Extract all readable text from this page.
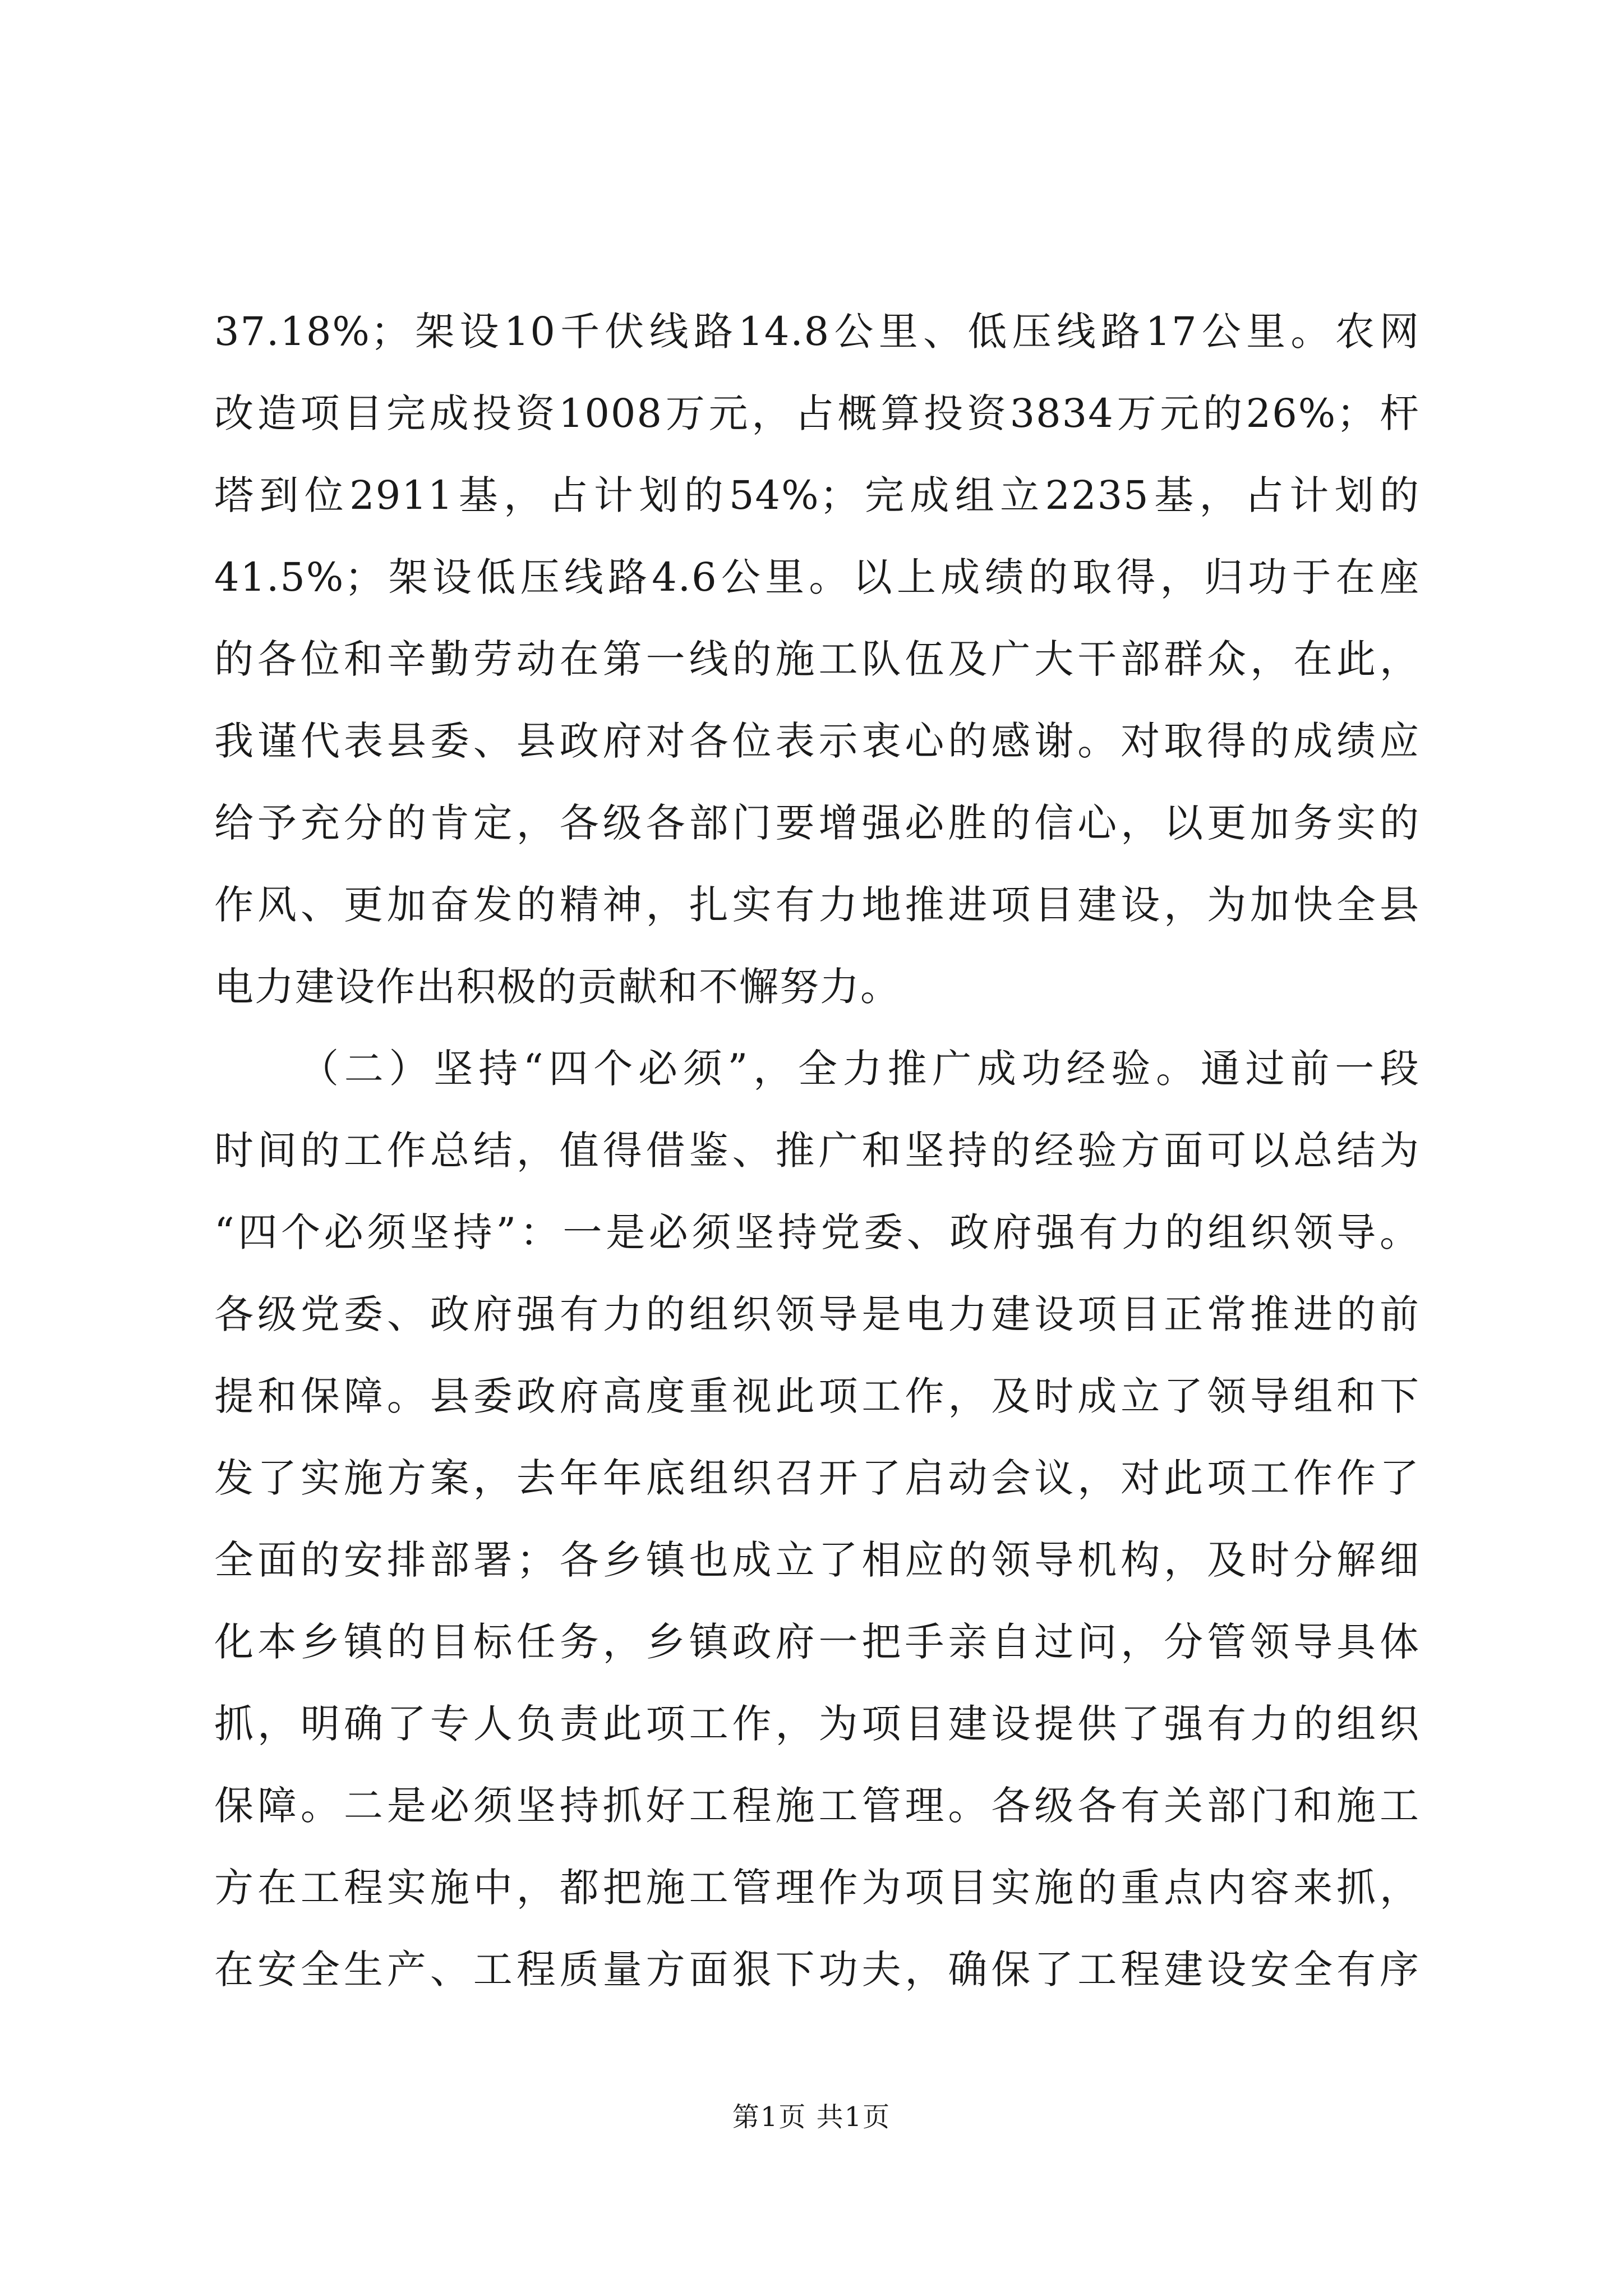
37.18%；架设10千伏线路14.8公里、低压线路17公里。农网
改造项目完成投资1008万元，占概算投资3834万元的26%；杆
塔到位2911基，占计划的54%；完成组立2235基，占计划的
41.5%；架设低压线路4.6公里。以上成绩的取得，归功于在座
的各位和辛勤劳动在第一线的施工队伍及广大干部群众，在此，
我谨代表县委、县政府对各位表示衷心的感谢。对取得的成绩应
给予充分的肯定，各级各部门要增强必胜的信心，以更加务实的
作风、更加奋发的精神，扎实有力地推进项目建设，为加快全县
电力建设作出积极的贡献和不懈努力。
（二）坚持“四个必须”，全力推广成功经验。通过前一段
时间的工作总结，值得借鉴、推广和坚持的经验方面可以总结为
“四个必须坚持”：一是必须坚持党委、政府强有力的组织领导。
各级党委、政府强有力的组织领导是电力建设项目正常推进的前
提和保障。县委政府高度重视此项工作，及时成立了领导组和下
发了实施方案，去年年底组织召开了启动会议，对此项工作作了
全面的安排部署；各乡镇也成立了相应的领导机构，及时分解细
化本乡镇的目标任务，乡镇政府一把手亲自过问，分管领导具体
抓，明确了专人负责此项工作，为项目建设提供了强有力的组织
保障。二是必须坚持抓好工程施工管理。各级各有关部门和施工
方在工程实施中，都把施工管理作为项目实施的重点内容来抓，
在安全生产、工程质量方面狠下功夫，确保了工程建设安全有序
第1页 共1页
